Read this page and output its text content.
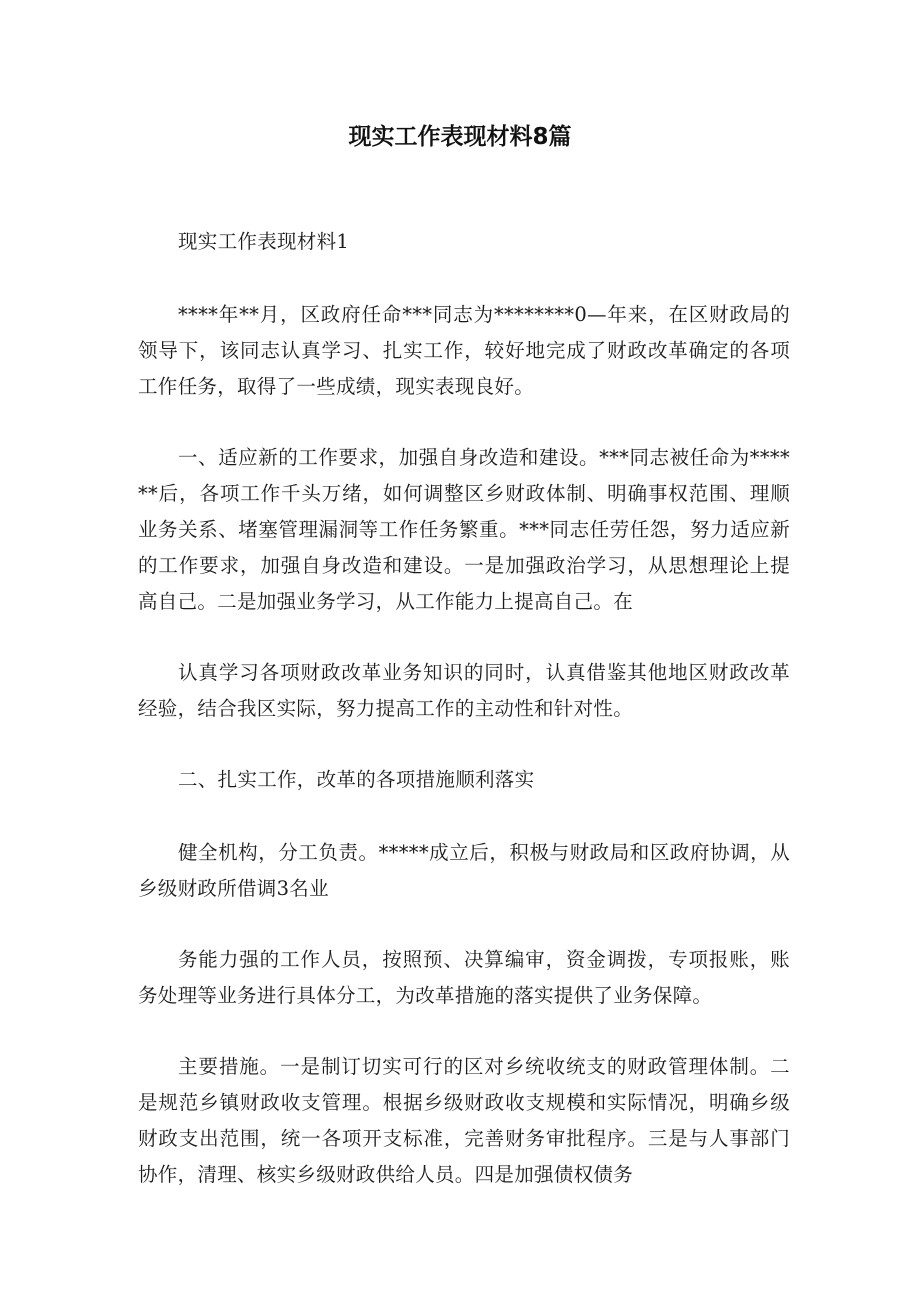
现实工作表现材料8篇

现实工作表现材料1

****年**月，区政府任命***同志为********0—年来，在区财政局的领导下，该同志认真学习、扎实工作，较好地完成了财政改革确定的各项工作任务，取得了一些成绩，现实表现良好。

一、适应新的工作要求，加强自身改造和建设。***同志被任命为******后，各项工作千头万绪，如何调整区乡财政体制、明确事权范围、理顺业务关系、堵塞管理漏洞等工作任务繁重。***同志任劳任怨，努力适应新的工作要求，加强自身改造和建设。一是加强政治学习，从思想理论上提高自己。二是加强业务学习，从工作能力上提高自己。在

认真学习各项财政改革业务知识的同时，认真借鉴其他地区财政改革经验，结合我区实际，努力提高工作的主动性和针对性。

二、扎实工作，改革的各项措施顺利落实

健全机构，分工负责。*****成立后，积极与财政局和区政府协调，从乡级财政所借调3名业

务能力强的工作人员，按照预、决算编审，资金调拨，专项报账，账务处理等业务进行具体分工，为改革措施的落实提供了业务保障。

主要措施。一是制订切实可行的区对乡统收统支的财政管理体制。二是规范乡镇财政收支管理。根据乡级财政收支规模和实际情况，明确乡级财政支出范围，统一各项开支标准，完善财务审批程序。三是与人事部门协作，清理、核实乡级财政供给人员。四是加强债权债务
